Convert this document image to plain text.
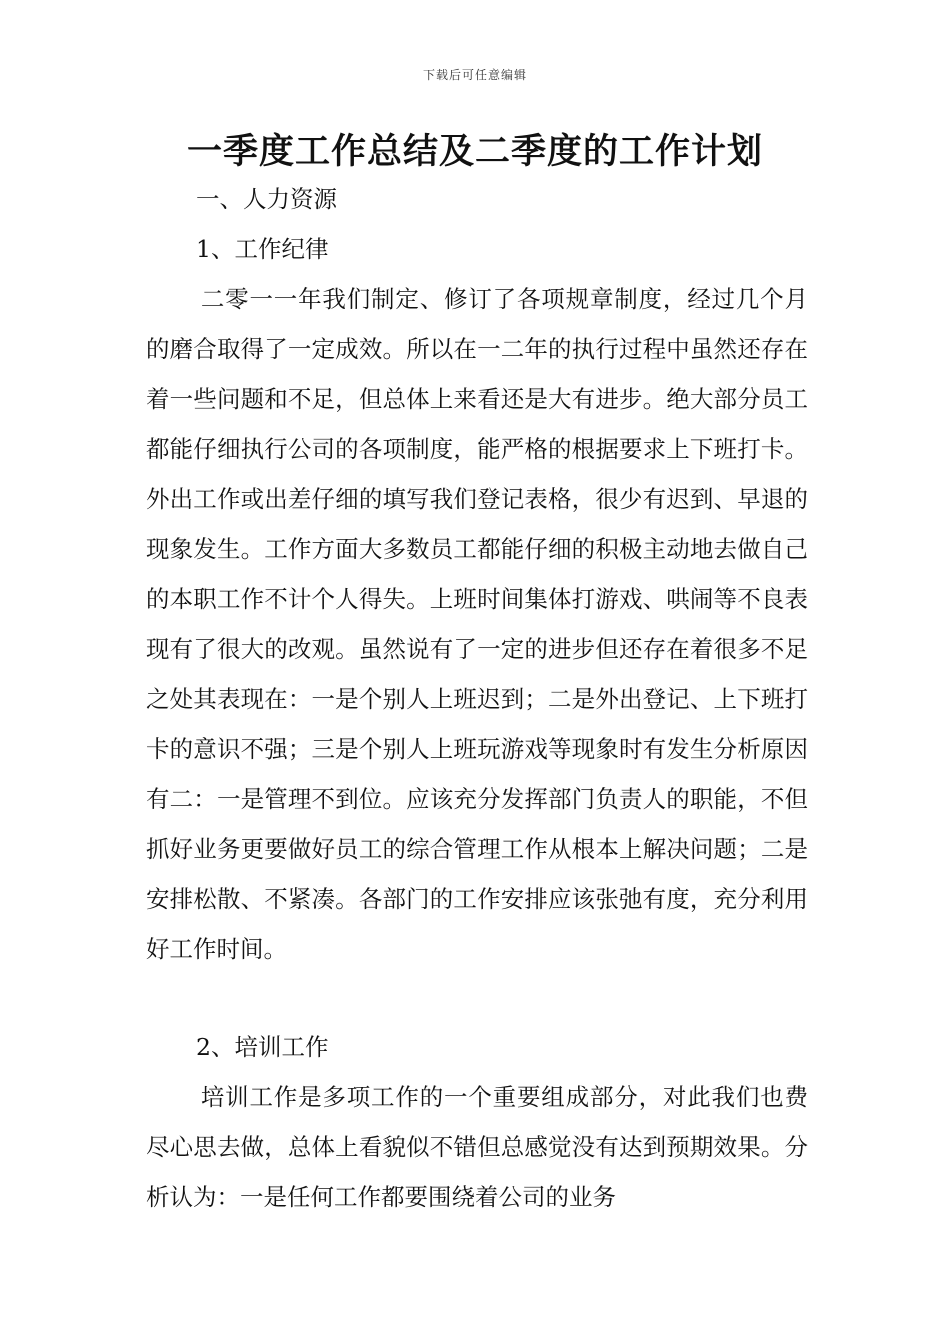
下载后可任意编辑
一季度工作总结及二季度的工作计划

一、人力资源

1、工作纪律

二零一一年我们制定、修订了各项规章制度，经过几个月的磨合取得了一定成效。所以在一二年的执行过程中虽然还存在着一些问题和不足，但总体上来看还是大有进步。绝大部分员工都能仔细执行公司的各项制度，能严格的根据要求上下班打卡。外出工作或出差仔细的填写我们登记表格，很少有迟到、早退的现象发生。工作方面大多数员工都能仔细的积极主动地去做自己的本职工作不计个人得失。上班时间集体打游戏、哄闹等不良表现有了很大的改观。虽然说有了一定的进步但还存在着很多不足之处其表现在：一是个别人上班迟到；二是外出登记、上下班打卡的意识不强；三是个别人上班玩游戏等现象时有发生分析原因有二：一是管理不到位。应该充分发挥部门负责人的职能，不但抓好业务更要做好员工的综合管理工作从根本上解决问题；二是安排松散、不紧凑。各部门的工作安排应该张弛有度，充分利用好工作时间。

2、培训工作

培训工作是多项工作的一个重要组成部分，对此我们也费尽心思去做，总体上看貌似不错但总感觉没有达到预期效果。分析认为：一是任何工作都要围绕着公司的业务
